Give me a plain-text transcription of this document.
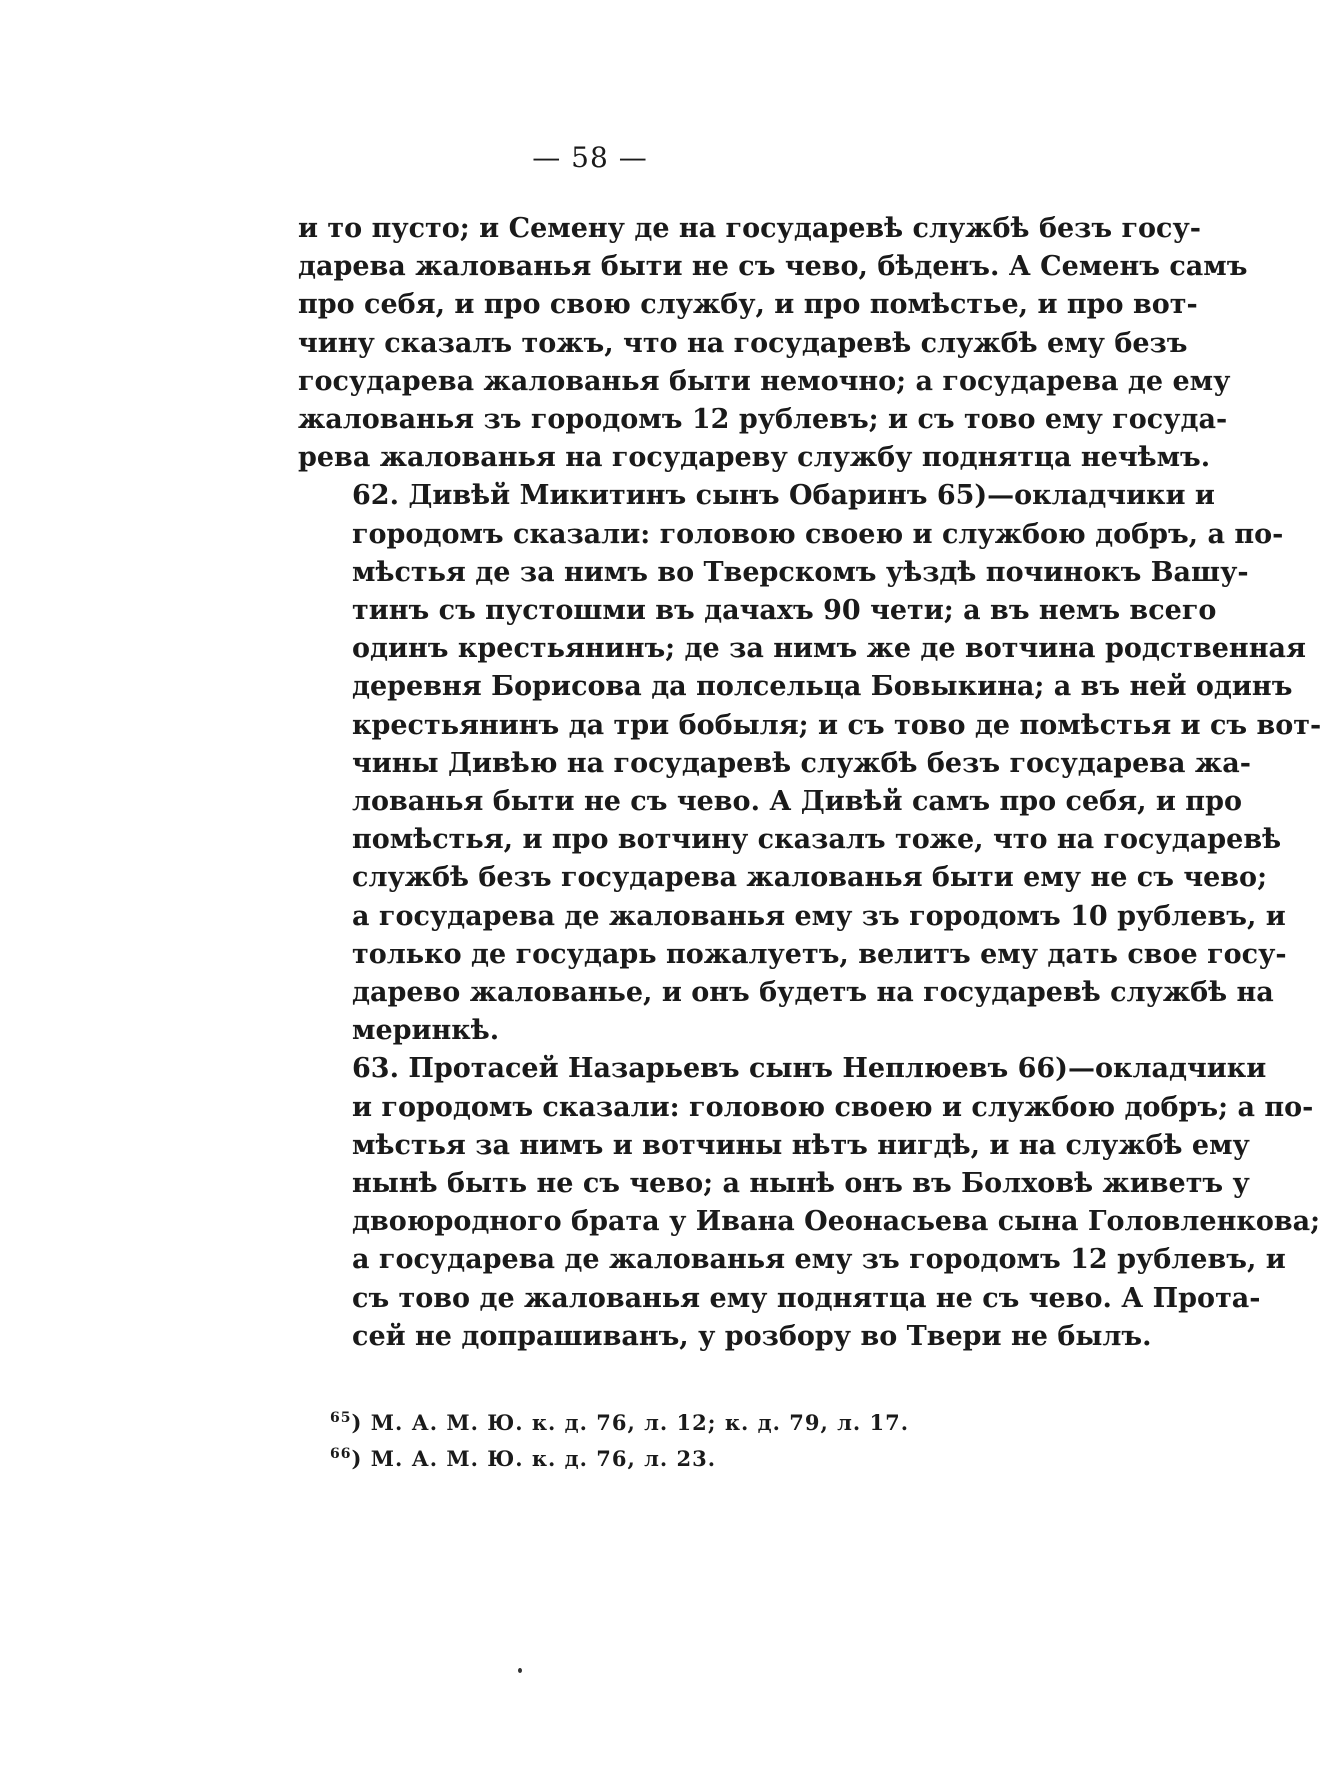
— 58 —
и то пусто; и Семену де на государевѣ службѣ безъ госу-
дарева жалованья быти не съ чево, бѣденъ. А Семенъ самъ
про себя, и про свою службу, и про помѣстье, и про вот-
чину сказалъ тожъ, что на государевѣ службѣ ему безъ
государева жалованья быти немочно; а государева де ему
жалованья зъ городомъ 12 рублевъ; и съ тово ему госуда-
рева жалованья на государеву службу поднятца нечѣмъ.
62. Дивѣй Микитинъ сынъ Обаринъ 65)—окладчики и
городомъ сказали: головою своею и службою добръ, а по-
мѣстья де за нимъ во Тверскомъ уѣздѣ починокъ Вашу-
тинъ съ пустошми въ дачахъ 90 чети; а въ немъ всего
одинъ крестьянинъ; де за нимъ же де вотчина родственная
деревня Борисова да полсельца Бовыкина; а въ ней одинъ
крестьянинъ да три бобыля; и съ тово де помѣстья и съ вот-
чины Дивѣю на государевѣ службѣ безъ государева жа-
лованья быти не съ чево. А Дивѣй самъ про себя, и про
помѣстья, и про вотчину сказалъ тоже, что на государевѣ
службѣ безъ государева жалованья быти ему не съ чево;
а государева де жалованья ему зъ городомъ 10 рублевъ, и
только де государь пожалуетъ, велитъ ему дать свое госу-
дарево жалованье, и онъ будетъ на государевѣ службѣ на
меринкѣ.
63. Протасей Назарьевъ сынъ Неплюевъ 66)—окладчики
и городомъ сказали: головою своею и службою добръ; а по-
мѣстья за нимъ и вотчины нѣтъ нигдѣ, и на службѣ ему
нынѣ быть не съ чево; а нынѣ онъ въ Болховѣ живетъ у
двоюродного брата у Ивана Оеонасьева сына Головленкова;
а государева де жалованья ему зъ городомъ 12 рублевъ, и
съ тово де жалованья ему поднятца не съ чево. А Прота-
сей не допрашиванъ, у розбору во Твери не былъ.
$^{65}$) М. А. М. Ю. к. д. 76, л. 12; к. д. 79, л. 17.
$^{66}$) М. А. М. Ю. к. д. 76, л. 23.
